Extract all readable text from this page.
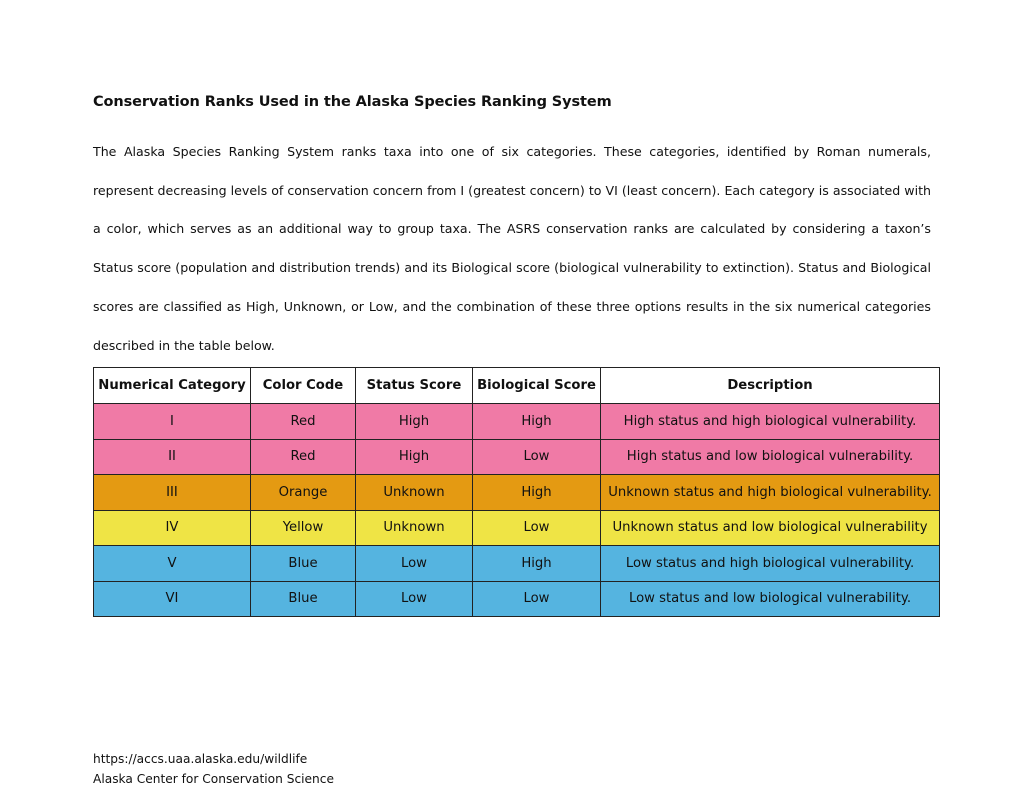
Conservation Ranks Used in the Alaska Species Ranking System

The Alaska Species Ranking System ranks taxa into one of six categories. These categories, identified by Roman numerals, represent decreasing levels of conservation concern from I (greatest concern) to VI (least concern). Each category is associated with a color, which serves as an additional way to group taxa. The ASRS conservation ranks are calculated by considering a taxon’s Status score (population and distribution trends) and its Biological score (biological vulnerability to extinction). Status and Biological scores are classified as High, Unknown, or Low, and the combination of these three options results in the six numerical categories described in the table below.

Numerical Category	Color Code	Status Score	Biological Score	Description
I	Red	High	High	High status and high biological vulnerability.
II	Red	High	Low	High status and low biological vulnerability.
III	Orange	Unknown	High	Unknown status and high biological vulnerability.
IV	Yellow	Unknown	Low	Unknown status and low biological vulnerability
V	Blue	Low	High	Low status and high biological vulnerability.
VI	Blue	Low	Low	Low status and low biological vulnerability.
https://accs.uaa.alaska.edu/wildlife
Alaska Center for Conservation Science
